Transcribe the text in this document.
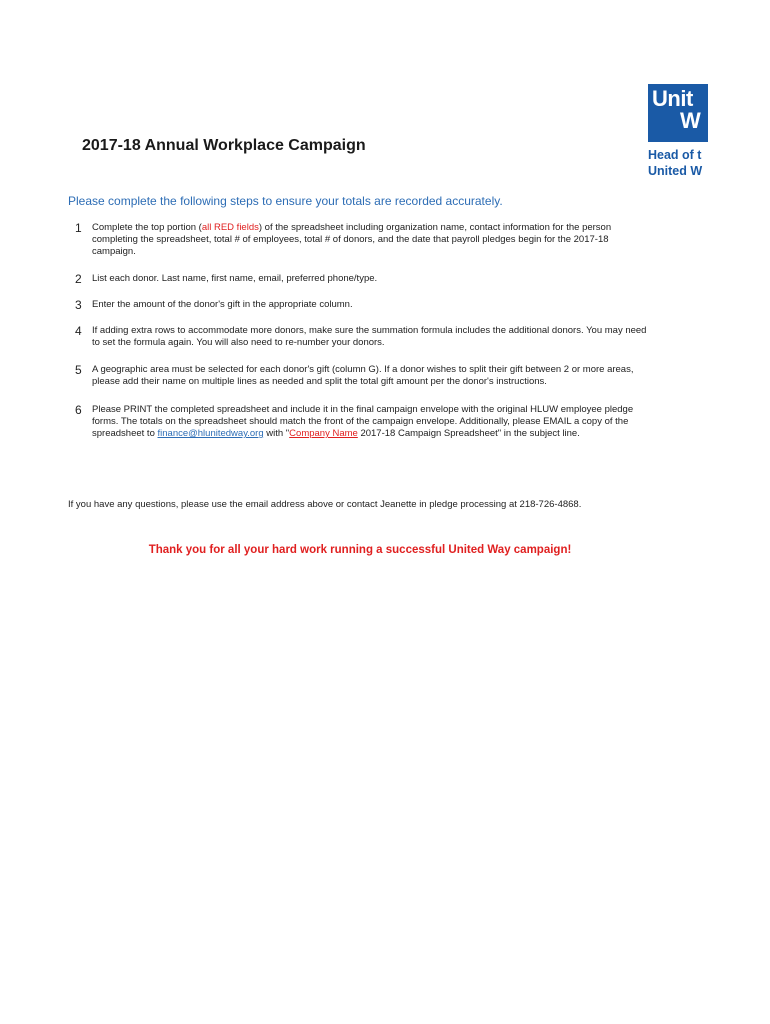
Unit
W
Head of t
United W
2017-18 Annual Workplace Campaign
Please complete the following steps to ensure your totals are recorded accurately.
1	Complete the top portion (all RED fields) of the spreadsheet including organization name, contact information for the person completing the spreadsheet, total # of employees, total # of donors, and the date that payroll pledges begin for the 2017-18 campaign.
2	List each donor. Last name, first name, email, preferred phone/type.
3	Enter the amount of the donor's gift in the appropriate column.
4	If adding extra rows to accommodate more donors, make sure the summation formula includes the additional donors. You may need to set the formula again. You will also need to re-number your donors.
5	A geographic area must be selected for each donor's gift (column G). If a donor wishes to split their gift between 2 or more areas, please add their name on multiple lines as needed and split the total gift amount per the donor's instructions.
6	Please PRINT the completed spreadsheet and include it in the final campaign envelope with the original HLUW employee pledge forms. The totals on the spreadsheet should match the front of the campaign envelope. Additionally, please EMAIL a copy of the spreadsheet to finance@hlunitedway.org with "Company Name 2017-18 Campaign Spreadsheet" in the subject line.
If you have any questions, please use the email address above or contact Jeanette in pledge processing at 218-726-4868.
Thank you for all your hard work running a successful United Way campaign!
